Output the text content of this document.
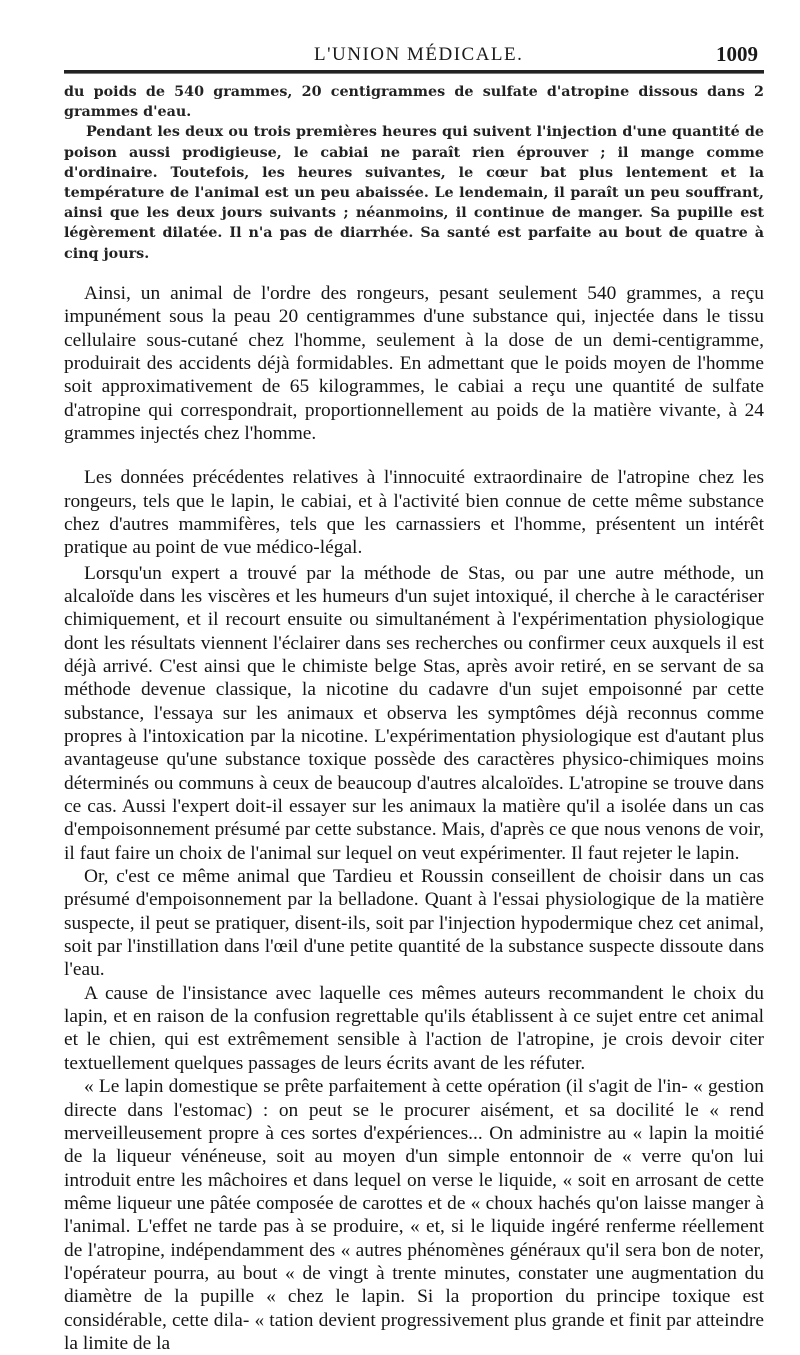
L'UNION MÉDICALE.	1009

du poids de 540 grammes, 20 centigrammes de sulfate d'atropine dissous dans 2 grammes d'eau.

Pendant les deux ou trois premières heures qui suivent l'injection d'une quantité de poison aussi prodigieuse, le cabiai ne paraît rien éprouver ; il mange comme d'ordinaire. Toutefois, les heures suivantes, le cœur bat plus lentement et la température de l'animal est un peu abaissée. Le lendemain, il paraît un peu souffrant, ainsi que les deux jours suivants ; néanmoins, il continue de manger. Sa pupille est légèrement dilatée. Il n'a pas de diarrhée. Sa santé est parfaite au bout de quatre à cinq jours.

Ainsi, un animal de l'ordre des rongeurs, pesant seulement 540 grammes, a reçu impunément sous la peau 20 centigrammes d'une substance qui, injectée dans le tissu cellulaire sous-cutané chez l'homme, seulement à la dose de un demi-centigramme, produirait des accidents déjà formidables. En admettant que le poids moyen de l'homme soit approximativement de 65 kilogrammes, le cabiai a reçu une quantité de sulfate d'atropine qui correspondrait, proportionnellement au poids de la matière vivante, à 24 grammes injectés chez l'homme.

Les données précédentes relatives à l'innocuité extraordinaire de l'atropine chez les rongeurs, tels que le lapin, le cabiai, et à l'activité bien connue de cette même substance chez d'autres mammifères, tels que les carnassiers et l'homme, présentent un intérêt pratique au point de vue médico-légal.

Lorsqu'un expert a trouvé par la méthode de Stas, ou par une autre méthode, un alcaloïde dans les viscères et les humeurs d'un sujet intoxiqué, il cherche à le caractériser chimiquement, et il recourt ensuite ou simultanément à l'expérimentation physiologique dont les résultats viennent l'éclairer dans ses recherches ou confirmer ceux auxquels il est déjà arrivé. C'est ainsi que le chimiste belge Stas, après avoir retiré, en se servant de sa méthode devenue classique, la nicotine du cadavre d'un sujet empoisonné par cette substance, l'essaya sur les animaux et observa les symptômes déjà reconnus comme propres à l'intoxication par la nicotine. L'expérimentation physiologique est d'autant plus avantageuse qu'une substance toxique possède des caractères physico-chimiques moins déterminés ou communs à ceux de beaucoup d'autres alcaloïdes. L'atropine se trouve dans ce cas. Aussi l'expert doit-il essayer sur les animaux la matière qu'il a isolée dans un cas d'empoisonnement présumé par cette substance. Mais, d'après ce que nous venons de voir, il faut faire un choix de l'animal sur lequel on veut expérimenter. Il faut rejeter le lapin.

Or, c'est ce même animal que Tardieu et Roussin conseillent de choisir dans un cas présumé d'empoisonnement par la belladone. Quant à l'essai physiologique de la matière suspecte, il peut se pratiquer, disent-ils, soit par l'injection hypodermique chez cet animal, soit par l'instillation dans l'œil d'une petite quantité de la substance suspecte dissoute dans l'eau.

A cause de l'insistance avec laquelle ces mêmes auteurs recommandent le choix du lapin, et en raison de la confusion regrettable qu'ils établissent à ce sujet entre cet animal et le chien, qui est extrêmement sensible à l'action de l'atropine, je crois devoir citer textuellement quelques passages de leurs écrits avant de les réfuter.

« Le lapin domestique se prête parfaitement à cette opération (il s'agit de l'in- « gestion directe dans l'estomac) : on peut se le procurer aisément, et sa docilité le « rend merveilleusement propre à ces sortes d'expériences... On administre au « lapin la moitié de la liqueur vénéneuse, soit au moyen d'un simple entonnoir de « verre qu'on lui introduit entre les mâchoires et dans lequel on verse le liquide, « soit en arrosant de cette même liqueur une pâtée composée de carottes et de « choux hachés qu'on laisse manger à l'animal. L'effet ne tarde pas à se produire, « et, si le liquide ingéré renferme réellement de l'atropine, indépendamment des « autres phénomènes généraux qu'il sera bon de noter, l'opérateur pourra, au bout « de vingt à trente minutes, constater une augmentation du diamètre de la pupille « chez le lapin. Si la proportion du principe toxique est considérable, cette dila- « tation devient progressivement plus grande et finit par atteindre la limite de la
